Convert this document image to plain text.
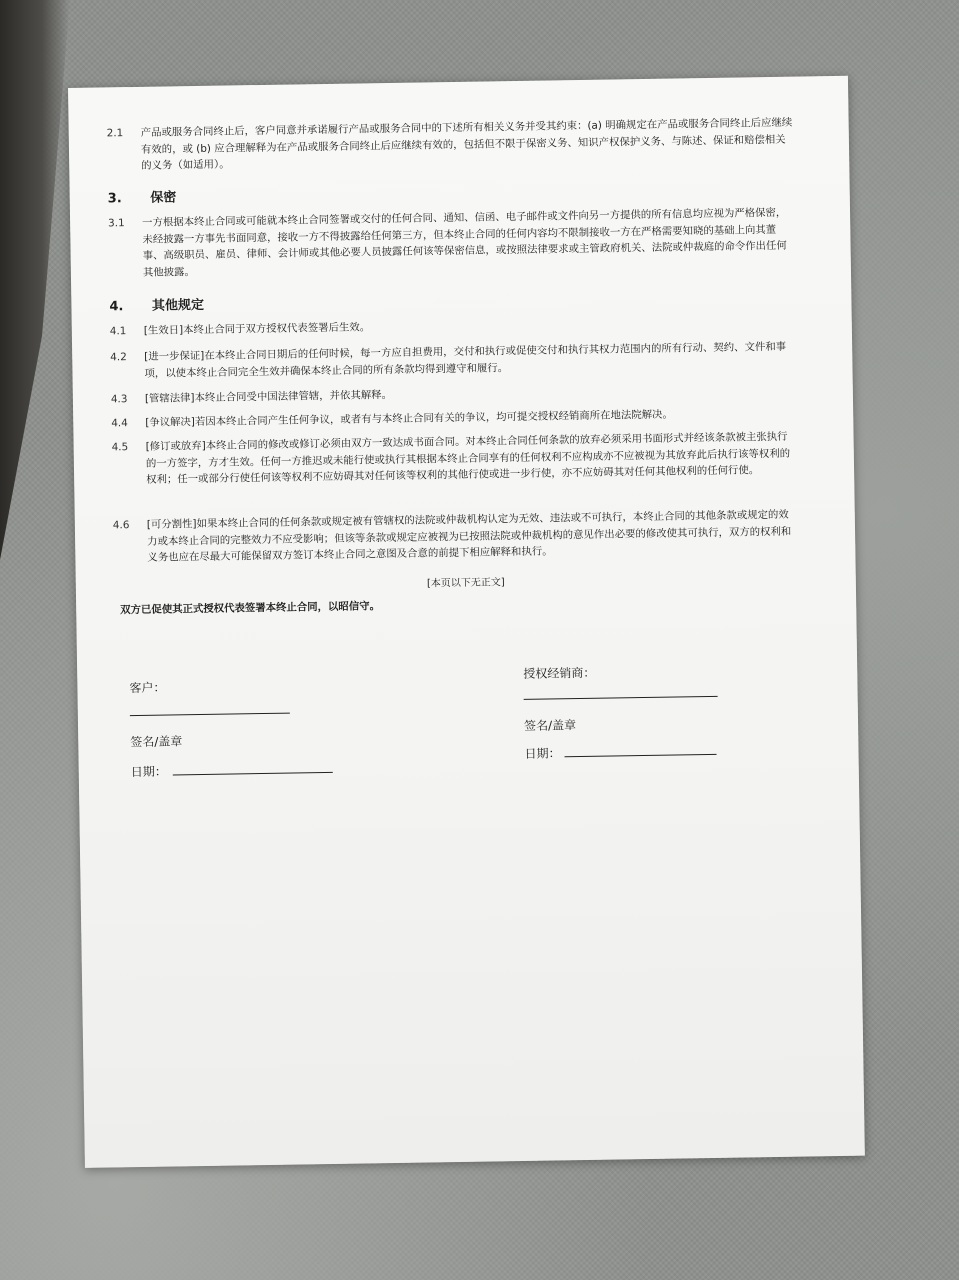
2.1	产品或服务合同终止后，客户同意并承诺履行产品或服务合同中的下述所有相关义务并受其约束：(a) 明确规定在产品或服务合同终止后应继续有效的，或 (b) 应合理解释为在产品或服务合同终止后应继续有效的，包括但不限于保密义务、知识产权保护义务、与陈述、保证和赔偿相关的义务（如适用）。
3. 保密
3.1	一方根据本终止合同或可能就本终止合同签署或交付的任何合同、通知、信函、电子邮件或文件向另一方提供的所有信息均应视为严格保密，未经披露一方事先书面同意，接收一方不得披露给任何第三方，但本终止合同的任何内容均不限制接收一方在严格需要知晓的基础上向其董事、高级职员、雇员、律师、会计师或其他必要人员披露任何该等保密信息，或按照法律要求或主管政府机关、法院或仲裁庭的命令作出任何其他披露。
4. 其他规定
4.1	[生效日]本终止合同于双方授权代表签署后生效。
4.2	[进一步保证]在本终止合同日期后的任何时候，每一方应自担费用，交付和执行或促使交付和执行其权力范围内的所有行动、契约、文件和事项，以使本终止合同完全生效并确保本终止合同的所有条款均得到遵守和履行。
4.3	[管辖法律]本终止合同受中国法律管辖，并依其解释。
4.4	[争议解决]若因本终止合同产生任何争议，或者有与本终止合同有关的争议，均可提交授权经销商所在地法院解决。
4.5	[修订或放弃]本终止合同的修改或修订必须由双方一致达成书面合同。对本终止合同任何条款的放弃必须采用书面形式并经该条款被主张执行的一方签字，方才生效。任何一方推迟或未能行使或执行其根据本终止合同享有的任何权利不应构成亦不应被视为其放弃此后执行该等权利的权利；任一或部分行使任何该等权利不应妨碍其对任何该等权利的其他行使或进一步行使，亦不应妨碍其对任何其他权利的任何行使。
4.6	[可分割性]如果本终止合同的任何条款或规定被有管辖权的法院或仲裁机构认定为无效、违法或不可执行，本终止合同的其他条款或规定的效力或本终止合同的完整效力不应受影响；但该等条款或规定应被视为已按照法院或仲裁机构的意见作出必要的修改使其可执行，双方的权利和义务也应在尽最大可能保留双方签订本终止合同之意图及合意的前提下相应解释和执行。
[本页以下无正文]
双方已促使其正式授权代表签署本终止合同，以昭信守。
客户：
签名/盖章
日期：
授权经销商：
签名/盖章
日期：
